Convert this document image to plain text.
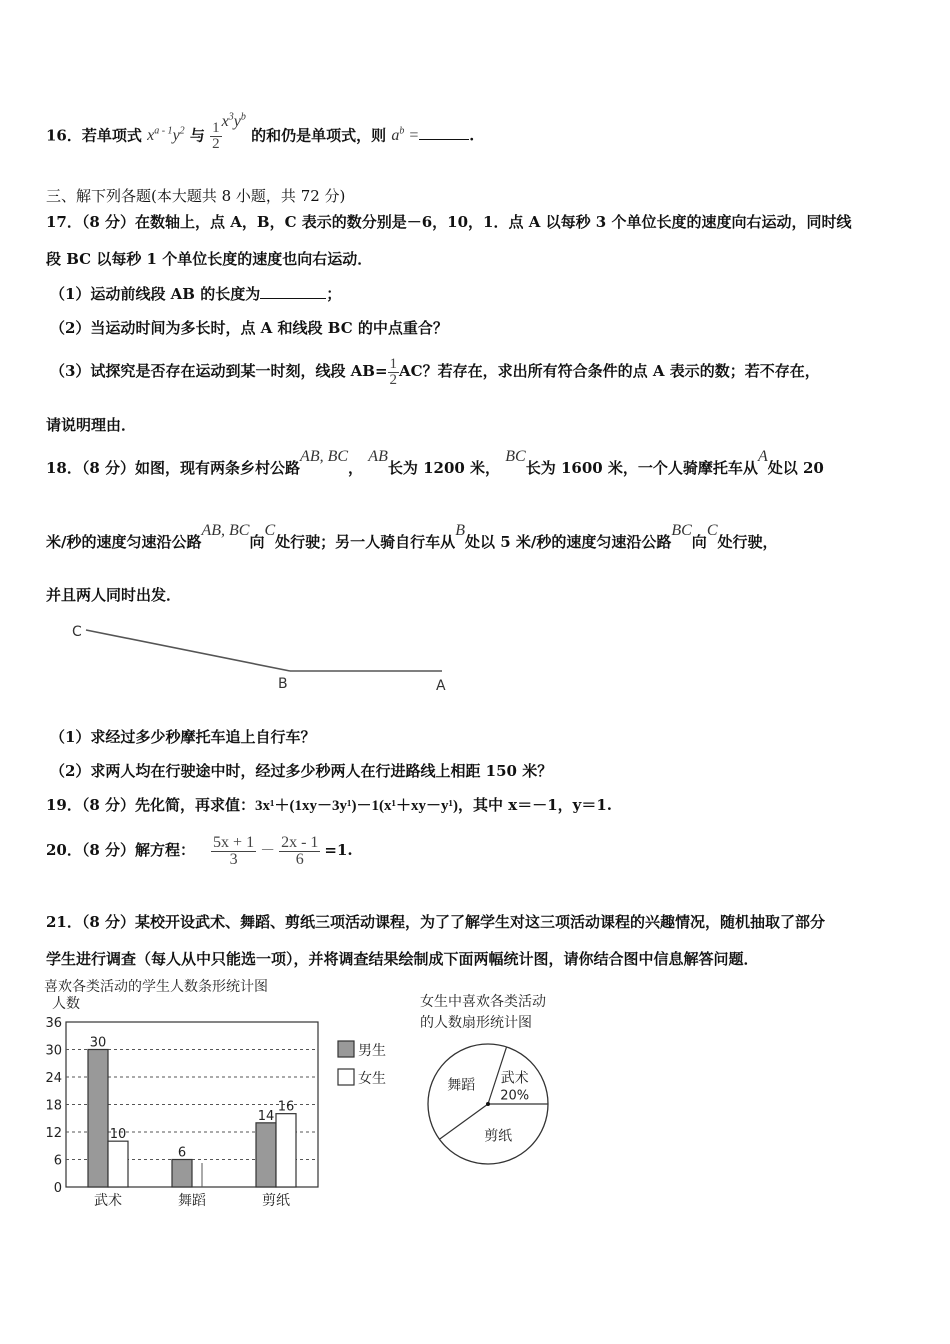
16．若单项式 $x^{a - 1}y^2$ 与 $\frac{1}{2} x^3y^b$ 的和仍是单项式，则 $a^b$ =	.
三、解下列各题(本大题共 8 小题，共 72 分)
17．（8 分）在数轴上，点 A，B，C 表示的数分别是－6，10，1．点 A 以每秒 3 个单位长度的速度向右运动，同时线
段 BC 以每秒 1 个单位长度的速度也向右运动．
（1）运动前线段 AB 的长度为	；
（2）当运动时间为多长时，点 A 和线段 BC 的中点重合？
（3）试探究是否存在运动到某一时刻，线段 $AB= \frac{1}{2}$ AC？若存在，求出所有符合条件的点 A 表示的数；若不存在，
请说明理由．
18．（8 分）如图，现有两条乡村公路AB, BC， AB长为 1200 米， BC长为 1600 米，一个人骑摩托车从A处以 20
米/秒的速度匀速沿公路AB, BC向C处行驶；另一人骑自行车从B处以 5 米/秒的速度匀速沿公路BC向C处行驶，
并且两人同时出发．
C
B	A
（1）求经过多少秒摩托车追上自行车？
（2）求两人均在行驶途中时，经过多少秒两人在行进路线上相距 150 米？
19．（8 分）先化简，再求值：3x¹＋(1xy－3y¹)－1(x¹＋xy－y¹)，其中 x＝－1，y＝1.
20．（8 分）解方程： $\frac{5x + 1}{3} - \frac{2x - 1}{6} =1$.
21．（8 分）某校开设武术、舞蹈、剪纸三项活动课程，为了了解学生对这三项活动课程的兴趣情况，随机抽取了部分
学生进行调查（每人从中只能选一项），并将调查结果绘制成下面两幅统计图，请你结合图中信息解答问题．
喜欢各类活动的学生人数条形统计图
人数
0
6
12
18
24
30
36
30
10
武术
6
舞蹈
14
16
剪纸
男生
女生
女生中喜欢各类活动
的人数扇形统计图
武术
20%
剪纸
舞蹈
